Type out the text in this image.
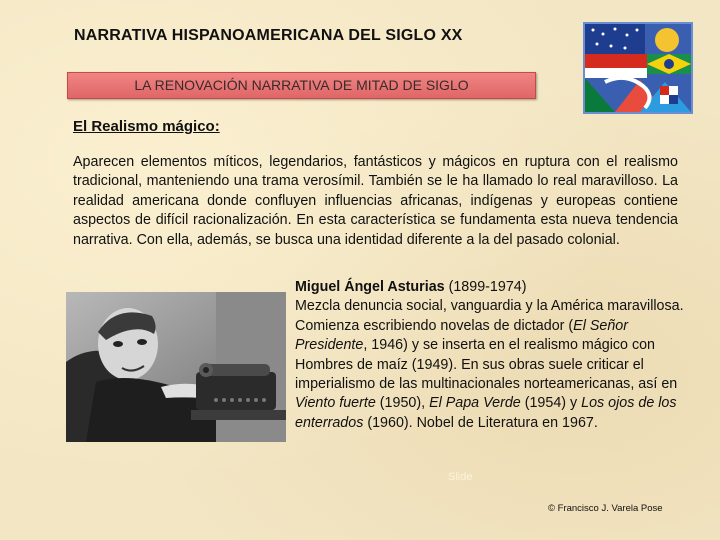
NARRATIVA HISPANOAMERICANA DEL SIGLO XX
LA RENOVACIÓN NARRATIVA DE MITAD DE SIGLO
El Realismo mágico:
Aparecen elementos míticos, legendarios, fantásticos y mágicos en ruptura con el realismo tradicional, manteniendo una trama verosímil. También se le ha llamado lo real maravilloso. La realidad americana donde confluyen influencias africanas, indígenas y europeas contiene aspectos de difícil racionalización. En esta característica se fundamenta esta nueva tendencia narrativa. Con ella, además, se busca una identidad diferente a la del pasado colonial.
Miguel Ángel Asturias (1899-1974)
Mezcla denuncia social, vanguardia y la América maravillosa. Comienza escribiendo novelas de dictador (El Señor Presidente, 1946) y se inserta en el realismo mágico con Hombres de maíz (1949). En sus obras suele criticar el imperialismo de las multinacionales norteamericanas, así en Viento fuerte (1950), El Papa Verde (1954) y Los ojos de los enterrados (1960). Nobel de Literatura en 1967.
Slide
© Francisco J. Varela Pose
